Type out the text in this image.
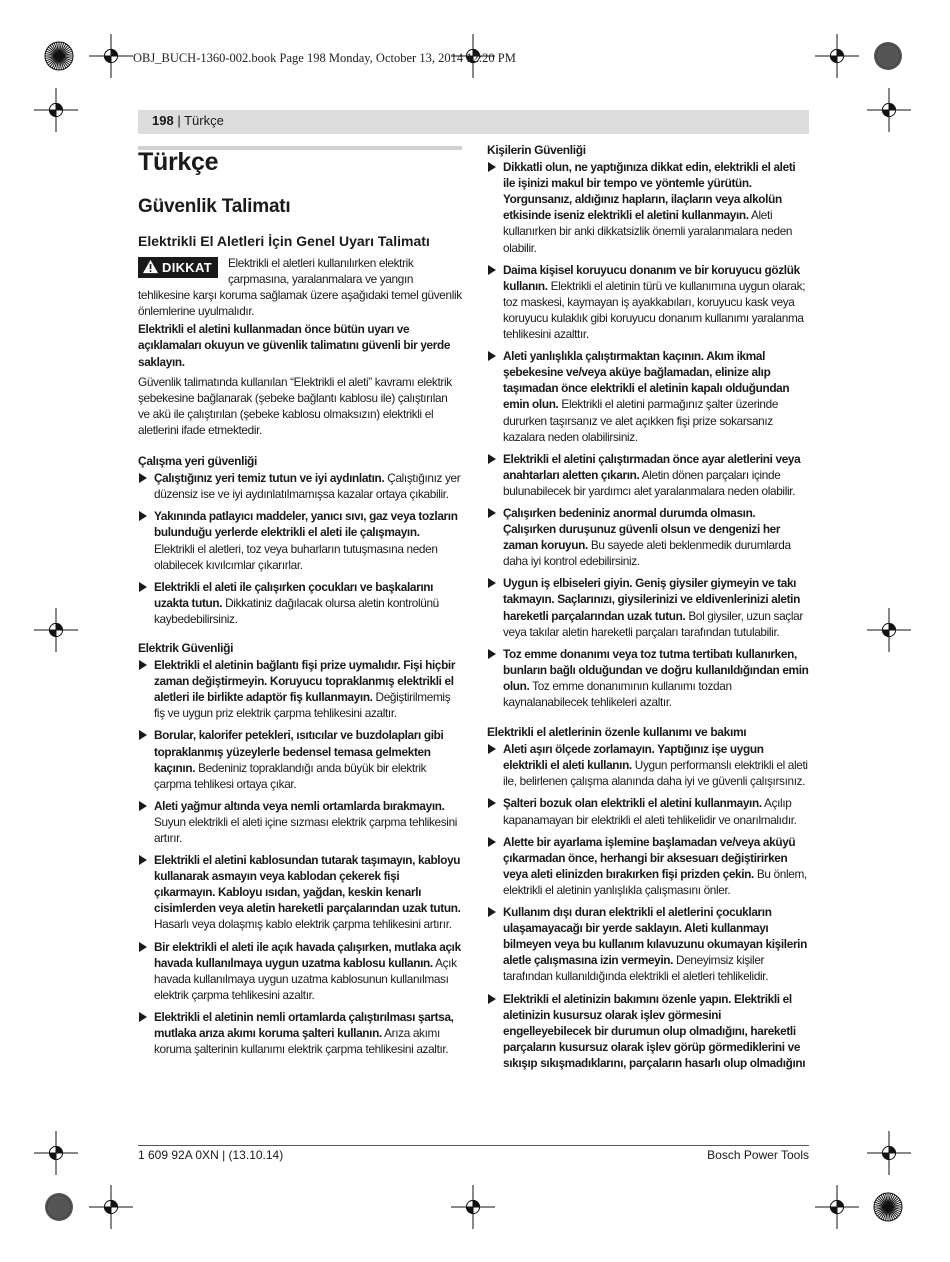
OBJ_BUCH-1360-002.book Page 198 Monday, October 13, 2014 12:20 PM
198 | Türkçe
Türkçe
Güvenlik Talimatı
Elektrikli El Aletleri İçin Genel Uyarı Talimatı

DIKKAT	Elektrikli el aletleri kullanılırken elektrik çarpmasına, yaralanmalara ve yangın tehlikesine karşı koruma sağlamak üzere aşağıdaki temel güvenlik önlemlerine uyulmalıdır.

Elektrikli el aletini kullanmadan önce bütün uyarı ve açıklamaları okuyun ve güvenlik talimatını güvenli bir yerde saklayın.

Güvenlik talimatında kullanılan “Elektrikli el aleti” kavramı elektrik şebekesine bağlanarak (şebeke bağlantı kablosu ile) çalıştırılan ve akü ile çalıştırılan (şebeke kablosu olmaksızın) elektrikli el aletlerini ifade etmektedir.

Çalışma yeri güvenliği

Çalıştığınız yeri temiz tutun ve iyi aydınlatın. Çalıştığınız yer düzensiz ise ve iyi aydınlatılmamışsa kazalar ortaya çıkabilir.
Yakınında patlayıcı maddeler, yanıcı sıvı, gaz veya tozların bulunduğu yerlerde elektrikli el aleti ile çalışmayın. Elektrikli el aletleri, toz veya buharların tutuşmasına neden olabilecek kıvılcımlar çıkarırlar.
Elektrikli el aleti ile çalışırken çocukları ve başkalarını uzakta tutun. Dikkatiniz dağılacak olursa aletin kontrolünü kaybedebilirsiniz.

Elektrik Güvenliği

Elektrikli el aletinin bağlantı fişi prize uymalıdır. Fişi hiçbir zaman değiştirmeyin. Koruyucu topraklanmış elektrikli el aletleri ile birlikte adaptör fiş kullanmayın. Değiştirilmemiş fiş ve uygun priz elektrik çarpma tehlikesini azaltır.
Borular, kalorifer petekleri, ısıtıcılar ve buzdolapları gibi topraklanmış yüzeylerle bedensel temasa gelmekten kaçının. Bedeniniz topraklandığı anda büyük bir elektrik çarpma tehlikesi ortaya çıkar.
Aleti yağmur altında veya nemli ortamlarda bırakmayın. Suyun elektrikli el aleti içine sızması elektrik çarpma tehlikesini artırır.
Elektrikli el aletini kablosundan tutarak taşımayın, kabloyu kullanarak asmayın veya kablodan çekerek fişi çıkarmayın. Kabloyu ısıdan, yağdan, keskin kenarlı cisimlerden veya aletin hareketli parçalarından uzak tutun. Hasarlı veya dolaşmış kablo elektrik çarpma tehlikesini artırır.
Bir elektrikli el aleti ile açık havada çalışırken, mutlaka açık havada kullanılmaya uygun uzatma kablosu kullanın. Açık havada kullanılmaya uygun uzatma kablosunun kullanılması elektrik çarpma tehlikesini azaltır.
Elektrikli el aletinin nemli ortamlarda çalıştırılması şartsa, mutlaka arıza akımı koruma şalteri kullanın. Arıza akımı koruma şalterinin kullanımı elektrik çarpma tehlikesini azaltır.

Kişilerin Güvenliği

Dikkatli olun, ne yaptığınıza dikkat edin, elektrikli el aleti ile işinizi makul bir tempo ve yöntemle yürütün. Yorgunsanız, aldığınız hapların, ilaçların veya alkolün etkisinde iseniz elektrikli el aletini kullanmayın. Aleti kullanırken bir anki dikkatsizlik önemli yaralanmalara neden olabilir.
Daima kişisel koruyucu donanım ve bir koruyucu gözlük kullanın. Elektrikli el aletinin türü ve kullanımına uygun olarak; toz maskesi, kaymayan iş ayakkabıları, koruyucu kask veya koruyucu kulaklık gibi koruyucu donanım kullanımı yaralanma tehlikesini azalttır.
Aleti yanlışlıkla çalıştırmaktan kaçının. Akım ikmal şebekesine ve/veya aküye bağlamadan, elinize alıp taşımadan önce elektrikli el aletinin kapalı olduğundan emin olun. Elektrikli el aletini parmağınız şalter üzerinde dururken taşırsanız ve alet açıkken fişi prize sokarsanız kazalara neden olabilirsiniz.
Elektrikli el aletini çalıştırmadan önce ayar aletlerini veya anahtarları aletten çıkarın. Aletin dönen parçaları içinde bulunabilecek bir yardımcı alet yaralanmalara neden olabilir.
Çalışırken bedeniniz anormal durumda olmasın. Çalışırken duruşunuz güvenli olsun ve dengenizi her zaman koruyun. Bu sayede aleti beklenmedik durumlarda daha iyi kontrol edebilirsiniz.
Uygun iş elbiseleri giyin. Geniş giysiler giymeyin ve takı takmayın. Saçlarınızı, giysilerinizi ve eldivenlerinizi aletin hareketli parçalarından uzak tutun. Bol giysiler, uzun saçlar veya takılar aletin hareketli parçaları tarafından tutulabilir.
Toz emme donanımı veya toz tutma tertibatı kullanırken, bunların bağlı olduğundan ve doğru kullanıldığından emin olun. Toz emme donanımının kullanımı tozdan kaynalanabilecek tehlikeleri azaltır.

Elektrikli el aletlerinin özenle kullanımı ve bakımı

Aleti aşırı ölçede zorlamayın. Yaptığınız işe uygun elektrikli el aleti kullanın. Uygun performanslı elektrikli el aleti ile, belirlenen çalışma alanında daha iyi ve güvenli çalışırsınız.
Şalteri bozuk olan elektrikli el aletini kullanmayın. Açılıp kapanamayan bir elektrikli el aleti tehlikelidir ve onarılmalıdır.
Alette bir ayarlama işlemine başlamadan ve/veya aküyü çıkarmadan önce, herhangi bir aksesuarı değiştirirken veya aleti elinizden bırakırken fişi prizden çekin. Bu önlem, elektrikli el aletinin yanlışlıkla çalışmasını önler.
Kullanım dışı duran elektrikli el aletlerini çocukların ulaşamayacağı bir yerde saklayın. Aleti kullanmayı bilmeyen veya bu kullanım kılavuzunu okumayan kişilerin aletle çalışmasına izin vermeyin. Deneyimsiz kişiler tarafından kullanıldığında elektrikli el aletleri tehlikelidir.
Elektrikli el aletinizin bakımını özenle yapın. Elektrikli el aletinizin kusursuz olarak işlev görmesini engelleyebilecek bir durumun olup olmadığını, hareketli parçaların kusursuz olarak işlev görüp görmediklerini ve sıkışıp sıkışmadıklarını, parçaların hasarlı olup olmadığını
1 609 92A 0XN | (13.10.14)	Bosch Power Tools
